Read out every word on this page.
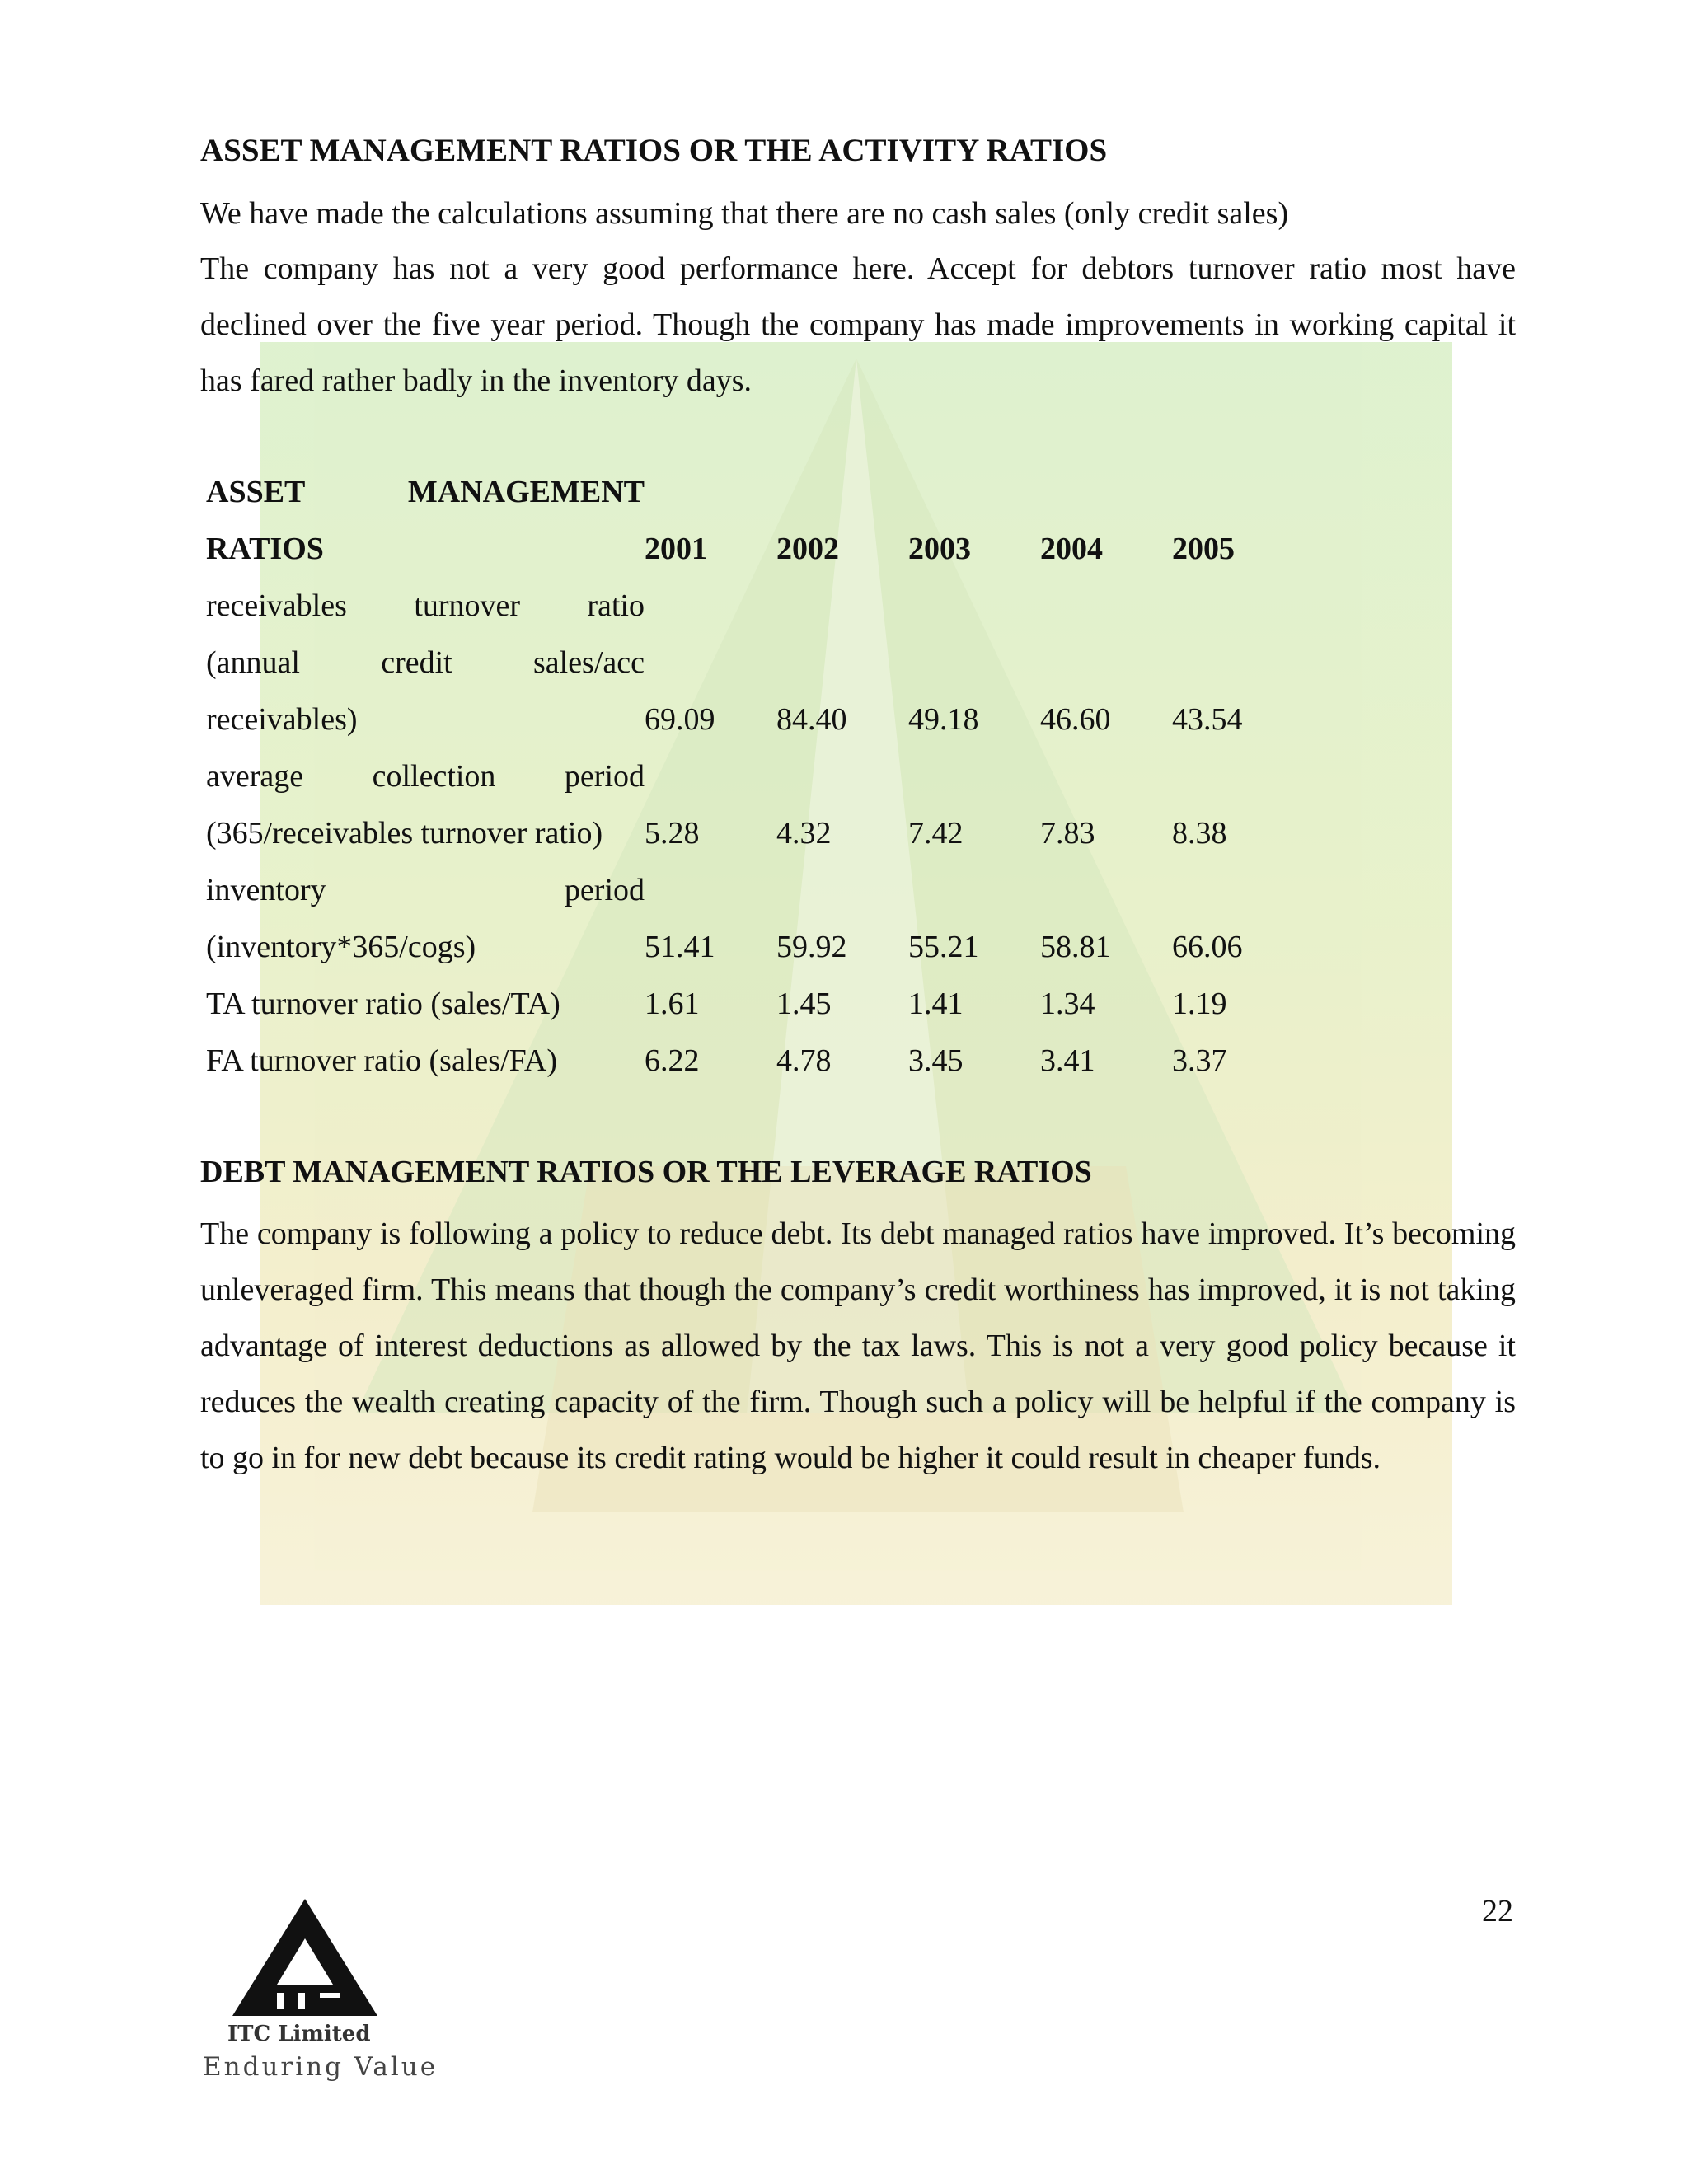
ASSET MANAGEMENT RATIOS OR THE ACTIVITY RATIOS
We have made the calculations assuming that there are no cash sales (only credit sales)
The company has not a very good performance here. Accept for debtors turnover ratio most have declined over the five year period. Though the company has made improvements in working capital it has fared rather badly in the inventory days.
ASSET MANAGEMENT
RATIOS	2001	2002	2003	2004	2005

receivables turnover ratio
(annual credit sales/acc
receivables)	69.09	84.40	49.18	46.60	43.54

average collection period
(365/receivables turnover ratio)	5.28	4.32	7.42	7.83	8.38

inventory period
(inventory*365/cogs)	51.41	59.92	55.21	58.81	66.06
TA turnover ratio (sales/TA)	1.61	1.45	1.41	1.34	1.19
FA turnover ratio (sales/FA)	6.22	4.78	3.45	3.41	3.37
DEBT MANAGEMENT RATIOS OR THE LEVERAGE RATIOS
The company is following a policy to reduce debt. Its debt managed ratios have improved. It’s becoming unleveraged firm. This means that though the company’s credit worthiness has improved, it is not taking advantage of interest deductions as allowed by the tax laws. This is not a very good policy because it reduces the wealth creating capacity of the firm. Though such a policy will be helpful if the company is to go in for new debt because its credit rating would be higher it could result in cheaper funds.
22
ITC Limited
Enduring Value
